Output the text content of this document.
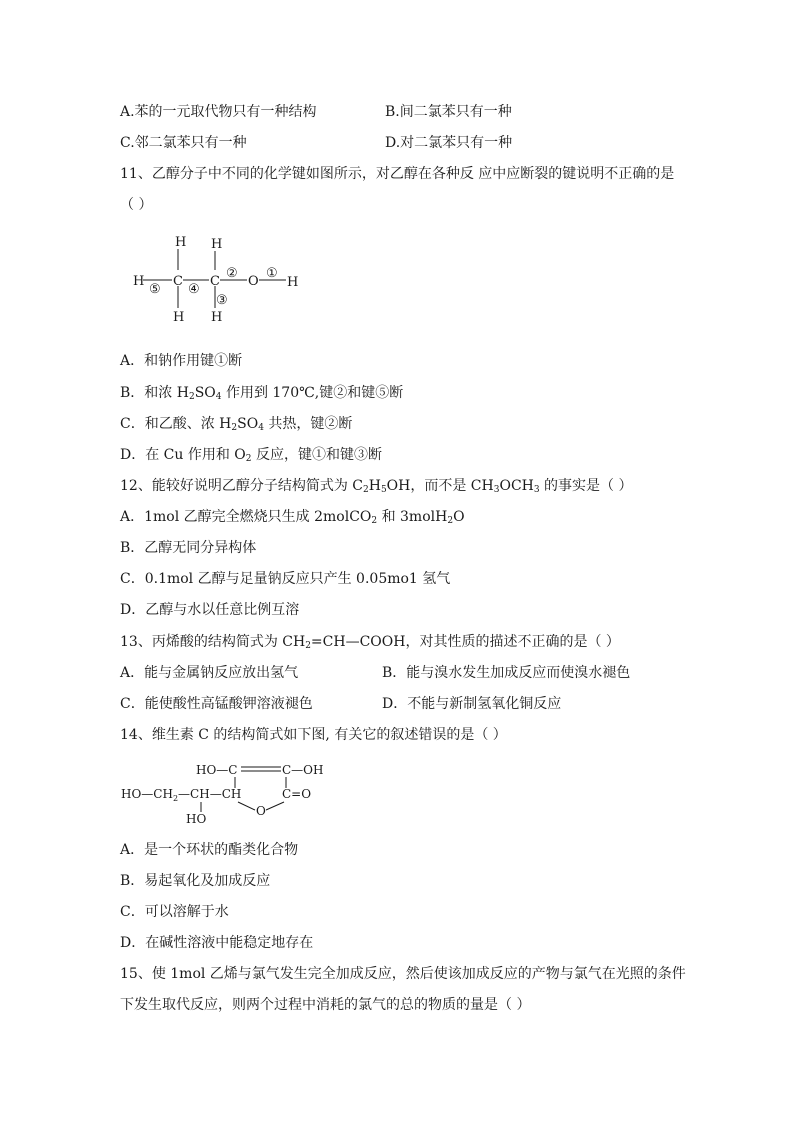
A.苯的一元取代物只有一种结构	B.间二氯苯只有一种
C.邻二氯苯只有一种	D.对二氯苯只有一种
11、乙醇分子中不同的化学键如图所示，对乙醇在各种反 应中应断裂的键说明不正确的是
（ ）
H C C O H
H H
H H
⑤ ④
② ①
③
A．和钠作用键①断
B．和浓 $H_2SO_4$ 作用到 170℃,键②和键⑤断
C．和乙酸、浓 $H_2SO_4$ 共热，键②断
D．在 Cu 作用和 $O_2$ 反应，键①和键③断
12、能较好说明乙醇分子结构简式为 $C_2H_5OH$，而不是 $CH_3OCH_3$ 的事实是（ ）
A．1mol 乙醇完全燃烧只生成 2molCO$_2$ 和 3molH$_2$O
B．乙醇无同分异构体
C．0.1mol 乙醇与足量钠反应只产生 0.05mo1 氢气
D．乙醇与水以任意比例互溶
13、丙烯酸的结构简式为 $CH_2=CH—COOH$，对其性质的描述不正确的是（ ）
A．能与金属钠反应放出氢气	B．能与溴水发生加成反应而使溴水褪色
C．能使酸性高锰酸钾溶液褪色	D．不能与新制氢氧化铜反应
14、维生素 C 的结构简式如下图, 有关它的叙述错误的是（ ）
HO—C	C—OH
$HO—CH_2—CH—CH$	C=O
O
HO
A．是一个环状的酯类化合物
B．易起氧化及加成反应
C．可以溶解于水
D．在碱性溶液中能稳定地存在
15、使 1mol 乙烯与氯气发生完全加成反应，然后使该加成反应的产物与氯气在光照的条件
下发生取代反应，则两个过程中消耗的氯气的总的物质的量是（ ）
